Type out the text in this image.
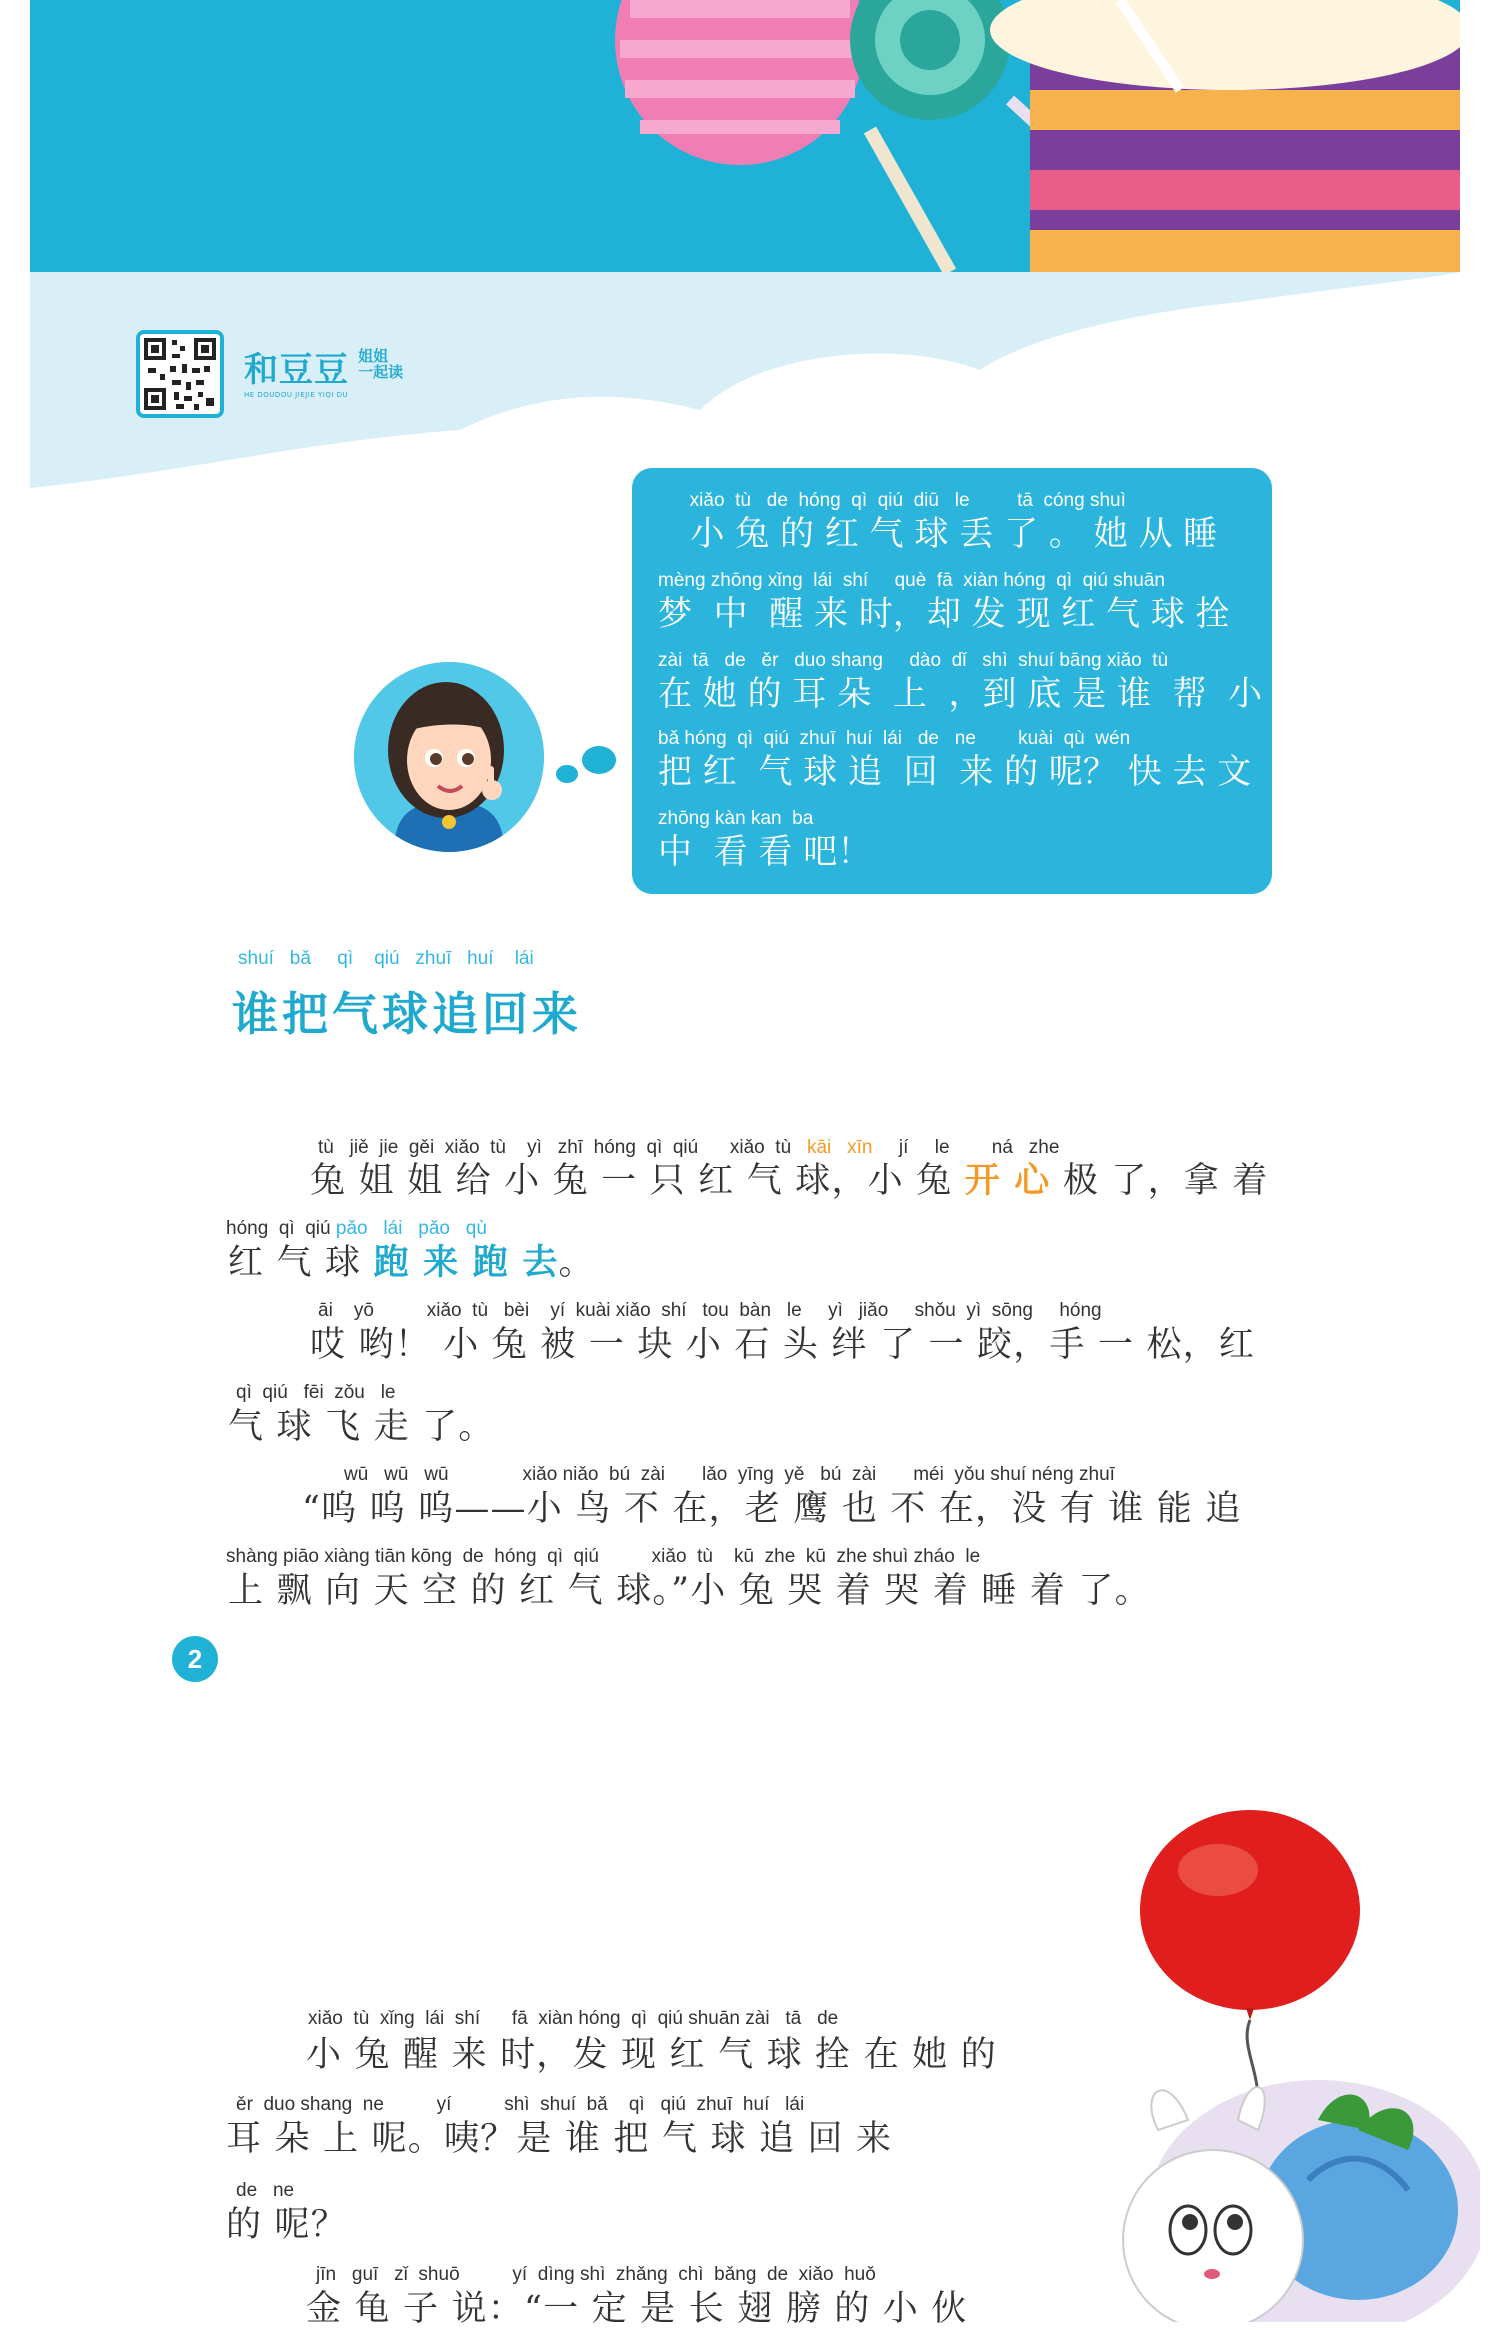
和豆豆 姐姐
一起读
HE DOUDOU JIEJIE YIQI DU
xiǎo  tù   de  hóng  qì  qiú  diū   le         tā  cóng shuì
小 兔 的 红 气 球 丢 了 。 她 从 睡
mèng zhōng xǐng  lái  shí     què  fā  xiàn hóng  qì  qiú shuān
梦  中  醒 来 时，却 发 现 红 气 球 拴
zài  tā   de   ěr   duo shang     dào  dǐ   shì  shuí bāng xiǎo  tù
在 她 的 耳 朵  上  ，到 底 是 谁  帮  小 兔
bǎ hóng  qì  qiú  zhuī  huí  lái   de   ne        kuài  qù  wén
把 红  气 球 追  回  来 的 呢？ 快 去 文
zhōng kàn kan  ba
中  看 看 吧！
shuí   bǎ     qì    qiú   zhuī   huí    lái
谁把气球追回来
tù   jiě  jie  gěi  xiǎo  tù    yì   zhī  hóng  qì  qiú      xiǎo  tù   kāi   xīn     jí     le        ná   zhe
兔 姐 姐 给 小 兔 一 只 红 气 球，小 兔 开 心 极 了，拿 着
hóng  qì  qiú pǎo   lái   pǎo   qù
红 气 球 跑 来 跑 去。
āi    yō          xiǎo  tù   bèi    yí  kuài xiǎo  shí   tou  bàn   le     yì   jiǎo     shǒu  yì  sōng     hóng
哎 哟！ 小 兔 被 一 块 小 石 头 绊 了 一 跤，手 一 松，红
qì  qiú   fēi  zǒu   le
气 球 飞 走 了。
wū   wū   wū              xiǎo niǎo  bú  zài       lǎo  yīng  yě   bú  zài       méi  yǒu shuí néng zhuī
“呜 呜 呜——小 鸟 不 在，老 鹰 也 不 在，没 有 谁 能 追
shàng piāo xiàng tiān kōng  de  hóng  qì  qiú          xiǎo  tù    kū  zhe  kū  zhe shuì zháo  le
上 飘 向 天 空 的 红 气 球。”小 兔 哭 着 哭 着 睡 着 了。
2
xiǎo  tù  xǐng  lái  shí      fā  xiàn hóng  qì  qiú shuān zài   tā   de
小 兔 醒 来 时，发 现 红 气 球 拴 在 她 的
ěr  duo shang  ne          yí          shì  shuí  bǎ    qì   qiú  zhuī  huí   lái
耳 朵 上 呢。咦？是 谁 把 气 球 追 回 来
de   ne
的 呢？
jīn   guī   zǐ  shuō          yí  dìng shì  zhǎng  chì  bǎng  de  xiǎo  huǒ
金 龟 子 说：“一 定 是 长 翅 膀 的 小 伙
